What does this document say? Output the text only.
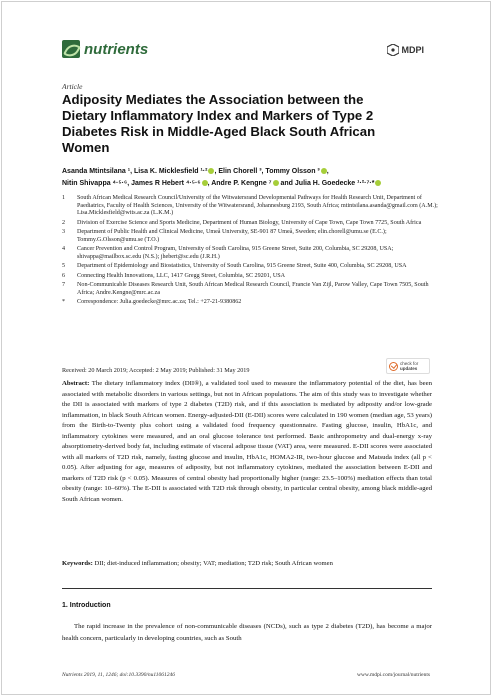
nutrients	MDPI
Article
Adiposity Mediates the Association between the Dietary Inflammatory Index and Markers of Type 2 Diabetes Risk in Middle-Aged Black South African Women
Asanda Mtintsilana ¹, Lisa K. Micklesfield ¹·² , Elin Chorell ³, Tommy Olsson ³ ,
Nitin Shivappa ⁴·⁵·⁶, James R Hebert ⁴·⁵·⁶ , Andre P. Kengne ⁷ and Julia H. Goedecke ¹·²·⁷·*
1	South African Medical Research Council/University of the Witwatersrand Developmental Pathways for Health Research Unit, Department of Paediatrics, Faculty of Health Sciences, University of the Witwatersrand, Johannesburg 2193, South Africa; mtintsilana.asanda@gmail.com (A.M.); Lisa.Micklesfield@wits.ac.za (L.K.M.)
2	Division of Exercise Science and Sports Medicine, Department of Human Biology, University of Cape Town, Cape Town 7725, South Africa
3	Department of Public Health and Clinical Medicine, Umeå University, SE-901 87 Umeå, Sweden; elin.chorell@umu.se (E.C.); Tommy.G.Olsson@umu.se (T.O.)
4	Cancer Prevention and Control Program, University of South Carolina, 915 Greene Street, Suite 200, Columbia, SC 29208, USA; shivappa@mailbox.sc.edu (N.S.); jhebert@sc.edu (J.R.H.)
5	Department of Epidemiology and Biostatistics, University of South Carolina, 915 Greene Street, Suite 400, Columbia, SC 29208, USA
6	Connecting Health Innovations, LLC, 1417 Gregg Street, Columbia, SC 29201, USA
7	Non-Communicable Diseases Research Unit, South African Medical Research Council, Francie Van Zijl, Parow Valley, Cape Town 7505, South Africa; Andre.Kengne@mrc.ac.za
*	Correspondence: Julia.goedecke@mrc.ac.za; Tel.: +27-21-9380862
check for
updates
Received: 20 March 2019; Accepted: 2 May 2019; Published: 31 May 2019
Abstract: The dietary inflammatory index (DII®), a validated tool used to measure the inflammatory potential of the diet, has been associated with metabolic disorders in various settings, but not in African populations. The aim of this study was to investigate whether the DII is associated with markers of type 2 diabetes (T2D) risk, and if this association is mediated by adiposity and/or low-grade inflammation, in black South African women. Energy-adjusted-DII (E-DII) scores were calculated in 190 women (median age, 53 years) from the Birth-to-Twenty plus cohort using a validated food frequency questionnaire. Fasting glucose, insulin, HbA1c, and inflammatory cytokines were measured, and an oral glucose tolerance test performed. Basic anthropometry and dual-energy x-ray absorptiometry-derived body fat, including estimate of visceral adipose tissue (VAT) area, were measured. E-DII scores were associated with all markers of T2D risk, namely, fasting glucose and insulin, HbA1c, HOMA2-IR, two-hour glucose and Matsuda index (all p < 0.05). After adjusting for age, measures of adiposity, but not inflammatory cytokines, mediated the association between E-DII and markers of T2D risk (p < 0.05). Measures of central obesity had proportionally higher (range: 23.5–100%) mediation effects than total obesity (range: 10–60%). The E-DII is associated with T2D risk through obesity, in particular central obesity, among black middle-aged South African women.
Keywords: DII; diet-induced inflammation; obesity; VAT; mediation; T2D risk; South African women
1. Introduction
The rapid increase in the prevalence of non-communicable diseases (NCDs), such as type 2 diabetes (T2D), has become a major health concern, particularly in developing countries, such as South
Nutrients 2019, 11, 1246; doi:10.3390/nu11061246	www.mdpi.com/journal/nutrients
